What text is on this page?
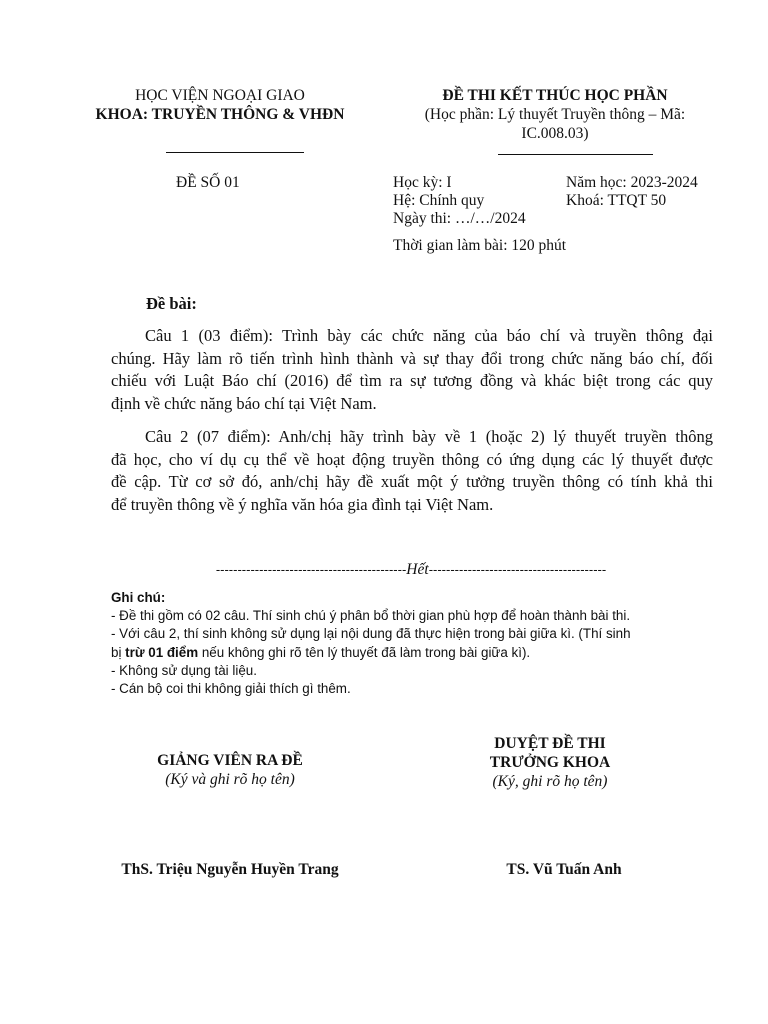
HỌC VIỆN NGOẠI GIAO
KHOA: TRUYỀN THÔNG & VHĐN
ĐỀ THI KẾT THÚC HỌC PHẦN
(Học phần: Lý thuyết Truyền thông – Mã:
IC.008.03)
ĐỀ SỐ 01	Học kỳ: I	Năm học: 2023-2024
Hệ: Chính quy	Khoá: TTQT 50
Ngày thi: …/…/2024
Thời gian làm bài: 120 phút
Đề bài:
Câu 1 (03 điểm): Trình bày các chức năng của báo chí và truyền thông đại
chúng. Hãy làm rõ tiến trình hình thành và sự thay đổi trong chức năng báo chí, đối
chiếu với Luật Báo chí (2016) để tìm ra sự tương đồng và khác biệt trong các quy
định về chức năng báo chí tại Việt Nam.
Câu 2 (07 điểm): Anh/chị hãy trình bày về 1 (hoặc 2) lý thuyết truyền thông
đã học, cho ví dụ cụ thể về hoạt động truyền thông có ứng dụng các lý thuyết được
đề cập. Từ cơ sở đó, anh/chị hãy đề xuất một ý tưởng truyền thông có tính khả thi
để truyền thông về ý nghĩa văn hóa gia đình tại Việt Nam.
--------------------------------------------Hết-----------------------------------------
Ghi chú:
- Đề thi gồm có 02 câu. Thí sinh chú ý phân bổ thời gian phù hợp để hoàn thành bài thi.
- Với câu 2, thí sinh không sử dụng lại nội dung đã thực hiện trong bài giữa kì. (Thí sinh
bị trừ 01 điểm nếu không ghi rõ tên lý thuyết đã làm trong bài giữa kì).
- Không sử dụng tài liệu.
- Cán bộ coi thi không giải thích gì thêm.
GIẢNG VIÊN RA ĐỀ
(Ký và ghi rõ họ tên)
DUYỆT ĐỀ THI
TRƯỞNG KHOA
(Ký, ghi rõ họ tên)
ThS. Triệu Nguyễn Huyền Trang	TS. Vũ Tuấn Anh
